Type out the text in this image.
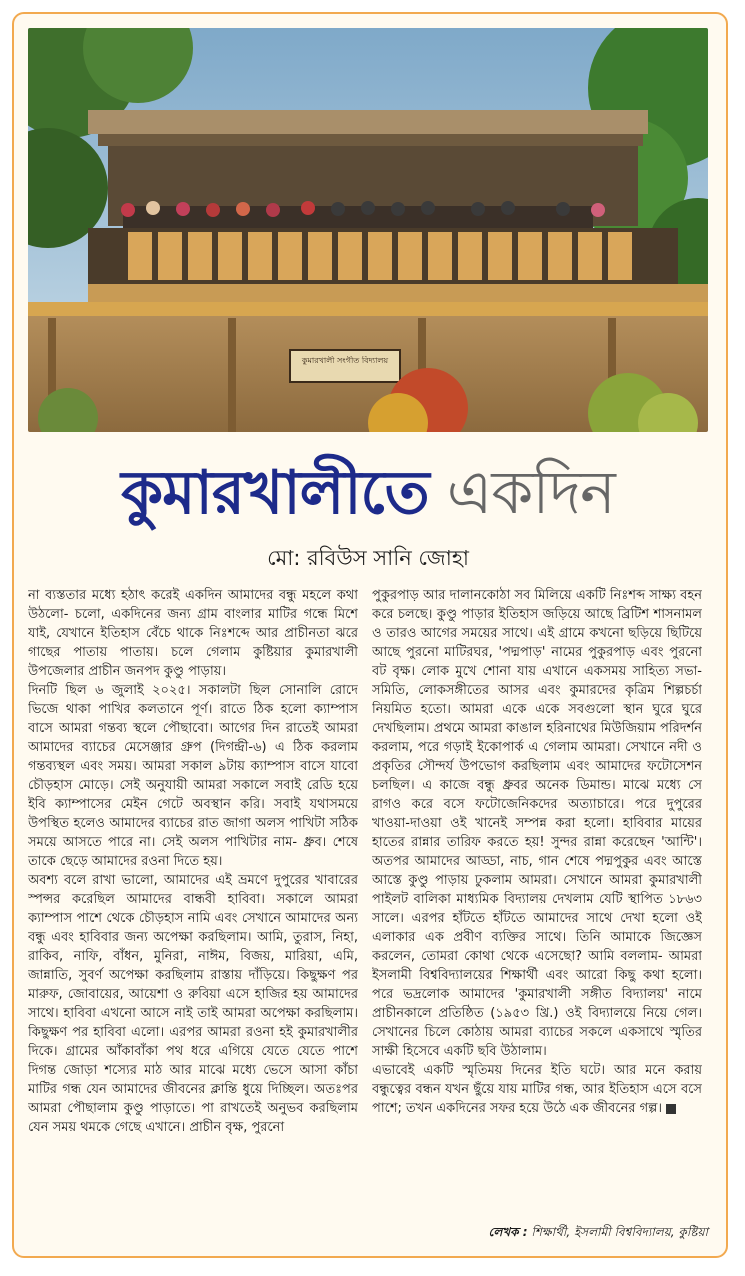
কুমারখালী সংগীত বিদ্যালয়
কুমারখালীতে একদিন
মো: রবিউস সানি জোহা

না ব্যস্ততার মধ্যে হঠাৎ করেই একদিন আমাদের বন্ধু মহলে কথা উঠলো- চলো, একদিনের জন্য গ্রাম বাংলার মাটির গন্ধে মিশে যাই, যেখানে ইতিহাস বেঁচে থাকে নিঃশব্দে আর প্রাচীনতা ঝরে গাছের পাতায় পাতায়। চলে গেলাম কুষ্টিয়ার কুমারখালী উপজেলার প্রাচীন জনপদ কুণ্ডু পাড়ায়।

দিনটি ছিল ৬ জুলাই ২০২৫। সকালটা ছিল সোনালি রোদে ভিজে থাকা পাখির কলতানে পূর্ণ। রাতে ঠিক হলো ক্যাম্পাস বাসে আমরা গন্তব্য স্থলে পৌছাবো। আগের দিন রাতেই আমরা আমাদের ব্যাচের মেসেঞ্জার গ্রুপ (দিগন্দ্রী-৬) এ ঠিক করলাম গন্তব্যস্থল এবং সময়। আমরা সকাল ৯টায় ক্যাম্পাস বাসে যাবো চৌড়হাস মোড়ে। সেই অনুযায়ী আমরা সকালে সবাই রেডি হয়ে ইবি ক্যাম্পাসের মেইন গেটে অবস্থান করি। সবাই যথাসময়ে উপস্থিত হলেও আমাদের ব্যাচের রাত জাগা অলস পাখিটা সঠিক সময়ে আসতে পারে না। সেই অলস পাখিটার নাম- ধ্রুব। শেষে তাকে ছেড়ে আমাদের রওনা দিতে হয়।

অবশ্য বলে রাখা ভালো, আমাদের এই ভ্রমণে দুপুরের খাবারের স্পন্সর করেছিল আমাদের বান্ধবী হাবিবা। সকালে আমরা ক্যাম্পাস পাশে থেকে চৌড়হাস নামি এবং সেখানে আমাদের অন্য বন্ধু এবং হাবিবার জন্য অপেক্ষা করছিলাম। আমি, তুরাস, নিহা, রাকিব, নাফি, বাঁধন, মুনিরা, নাঈম, বিজয়, মারিয়া, এমি, জান্নাতি, সুবর্ণ অপেক্ষা করছিলাম রাস্তায় দাঁড়িয়ে। কিছুক্ষণ পর মারুফ, জোবায়ের, আয়েশা ও রুবিয়া এসে হাজির হয় আমাদের সাথে। হাবিবা এখনো আসে নাই তাই আমরা অপেক্ষা করছিলাম। কিছুক্ষণ পর হাবিবা এলো। এরপর আমরা রওনা হই কুমারখালীর দিকে। গ্রামের আঁকাবাঁকা পথ ধরে এগিয়ে যেতে যেতে পাশে দিগন্ত জোড়া শস্যের মাঠ আর মাঝে মধ্যে ভেসে আসা কাঁচা মাটির গন্ধ যেন আমাদের জীবনের ক্লান্তি ধুয়ে দিচ্ছিল। অতঃপর আমরা পৌছালাম কুণ্ডু পাড়াতে। পা রাখতেই অনুভব করছিলাম যেন সময় থমকে গেছে এখানে। প্রাচীন বৃক্ষ, পুরনো

পুকুরপাড় আর দালানকোঠা সব মিলিয়ে একটি নিঃশব্দ সাক্ষ্য বহন করে চলছে। কুণ্ডু পাড়ার ইতিহাস জড়িয়ে আছে ব্রিটিশ শাসনামল ও তারও আগের সময়ের সাথে। এই গ্রামে কখনো ছড়িয়ে ছিটিয়ে আছে পুরনো মাটিরঘর, 'পদ্মপাড়' নামের পুকুরপাড় এবং পুরনো বট বৃক্ষ। লোক মুখে শোনা যায় এখানে একসময় সাহিত্য সভা-সমিতি, লোকসঙ্গীতের আসর এবং কুমারদের কৃত্রিম শিল্পচর্চা নিয়মিত হতো। আমরা একে একে সবগুলো স্থান ঘুরে ঘুরে দেখছিলাম। প্রথমে আমরা কাঙাল হরিনাথের মিউজিয়াম পরিদর্শন করলাম, পরে গড়াই ইকোপার্ক এ গেলাম আমরা। সেখানে নদী ও প্রকৃতির সৌন্দর্য উপভোগ করছিলাম এবং আমাদের ফটোসেশন চলছিল। এ কাজে বন্ধু ধ্রুবর অনেক ডিমান্ড। মাঝে মধ্যে সে রাগও করে বসে ফটোজেনিকদের অত্যাচারে। পরে দুপুরের খাওয়া-দাওয়া ওই খানেই সম্পন্ন করা হলো। হাবিবার মায়ের হাতের রান্নার তারিফ করতে হয়! সুন্দর রান্না করেছেন 'আন্টি'। অতপর আমাদের আড্ডা, নাচ, গান শেষে পদ্মপুকুর এবং আস্তে আস্তে কুণ্ডু পাড়ায় ঢুকলাম আমরা। সেখানে আমরা কুমারখালী পাইলট বালিকা মাধ্যমিক বিদ্যালয় দেখলাম যেটি স্থাপিত ১৮৬৩ সালে। এরপর হাঁটতে হাঁটতে আমাদের সাথে দেখা হলো ওই এলাকার এক প্রবীণ ব্যক্তির সাথে। তিনি আমাকে জিজ্ঞেস করলেন, তোমরা কোথা থেকে এসেছো? আমি বললাম- আমরা ইসলামী বিশ্ববিদ্যালয়ের শিক্ষার্থী এবং আরো কিছু কথা হলো। পরে ভদ্রলোক আমাদের 'কুমারখালী সঙ্গীত বিদ্যালয়' নামে প্রাচীনকালে প্রতিষ্ঠিত (১৯৫৩ খ্রি.) ওই বিদ্যালয়ে নিয়ে গেল। সেখানের চিলে কোঠায় আমরা ব্যাচের সকলে একসাথে স্মৃতির সাক্ষী হিসেবে একটি ছবি উঠালাম।

এভাবেই একটি স্মৃতিময় দিনের ইতি ঘটে। আর মনে করায় বন্ধুত্বের বন্ধন যখন ছুঁয়ে যায় মাটির গন্ধ, আর ইতিহাস এসে বসে পাশে; তখন একদিনের সফর হয়ে উঠে এক জীবনের গল্প।

লেখক : শিক্ষার্থী, ইসলামী বিশ্ববিদ্যালয়, কুষ্টিয়া
